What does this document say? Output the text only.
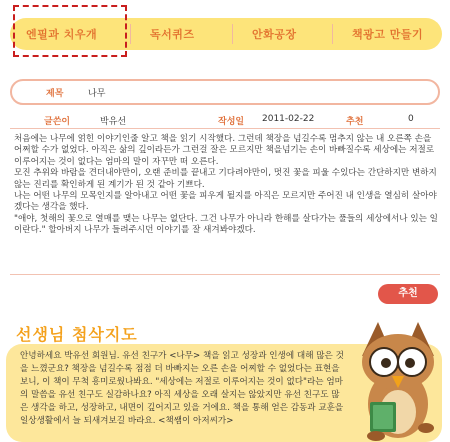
엔필과 치우개	독서퀴즈	안화공장	책광고 만들기
제목	나무
글쓴이	박유선	작성일 2011-02-22	추천	0

처음에는 나무에 얽힌 이야기인줄 알고 책을 읽기 시작했다. 그런데 책장을 넘길수록 멈추지 않는 내 오른쪽 손을 어쩌할 수가 없었다. 아직은 삶의 깊이라든가 그런걸 잘은 모르지만 책을넘기는 손이 바빠질수록 세상에는 저절로 이루어지는 것이 없다는 엄마의 말이 자꾸만 떠 오른다.

모진 추위와 바람을 견더내야만이, 오랜 준비를 끝내고 기다려야만이, 멋진 꽃을 피울 수있다는 간단하지만 변하지 않는 진리를 확인하게 된 계기가 된 것 같아 기쁘다.

나는 어떤 나무의 모목인지를 알아내고 어떤 꽃을 피우게 될지를 아직은 모르지만 주어진 내 인생을 열심히 살아야 겠다는 생각을 했다.

"애야, 첫해의 꽃으로 열매를 맺는 나무는 없단다. 그건 나무가 아니라 한해를 살다가는 풀들의 세상에서나 있는 일이란다." 할아버지 나무가 들려주시던 이야기를 잘 새겨봐야겠다.

추천
선생님 첨삭지도
안녕하세요 박유선 회원님. 유선 친구가 <나무> 책을 읽고 성장과 인생에 대해 많은 것을 느꼈군요? 책장을 넘길수록 점점 더 바빠지는 오른 손을 어찌할 수 없었다는 표현을 보니, 이 책이 무척 흥미로웠나봐요. "세상에는 저절로 이루어지는 것이 없다"라는 엄마의 말씀을 유선 친구도 실감하나요? 아직 세상을 오래 살지는 않았지만 유선 친구도 많은 생각을 하고, 성장하고, 내면이 깊어지고 있을 거에요. 책을 통해 얻은 감동과 교훈을 일상생활에서 늘 되새겨보길 바라요. <책쌤이 아저씨가>
